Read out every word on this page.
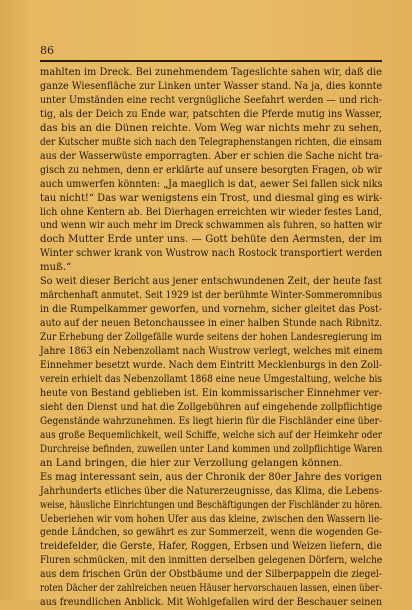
86

mahlten im Dreck. Bei zunehmendem Tageslichte sahen wir, daß die
ganze Wiesenfläche zur Linken unter Wasser stand. Na ja, dies konnte
unter Umständen eine recht vergnügliche Seefahrt werden — und rich-
tig, als der Deich zu Ende war, patschten die Pferde mutig ins Wasser,
das bis an die Dünen reichte. Vom Weg war nichts mehr zu sehen,
der Kutscher mußte sich nach den Telegraphenstangen richten, die einsam
aus der Wasserwüste emporragten. Aber er schien die Sache nicht tra-
gisch zu nehmen, denn er erklärte auf unsere besorgten Fragen, ob wir
auch umwerfen könnten: „Ja maeglich is dat, aewer Sei fallen sick niks
tau nicht!“ Das war wenigstens ein Trost, und diesmal ging es wirk-
lich ohne Kentern ab. Bei Dierhagen erreichten wir wieder festes Land,
und wenn wir auch mehr im Dreck schwammen als fuhren, so hatten wir
doch Mutter Erde unter uns. — Gott behüte den Aermsten, der im
Winter schwer krank von Wustrow nach Rostock transportiert werden
muß.“

So weit dieser Bericht aus jener entschwundenen Zeit, der heute fast
märchenhaft anmutet. Seit 1929 ist der berühmte Winter-Sommeromnibus
in die Rumpelkammer geworfen, und vornehm, sicher gleitet das Post-
auto auf der neuen Betonchaussee in einer halben Stunde nach Ribnitz.

Zur Erhebung der Zollgefälle wurde seitens der hohen Landesregierung im
Jahre 1863 ein Nebenzollamt nach Wustrow verlegt, welches mit einem
Einnehmer besetzt wurde. Nach dem Eintritt Mecklenburgs in den Zoll-
verein erhielt das Nebenzollamt 1868 eine neue Umgestaltung, welche bis
heute von Bestand geblieben ist. Ein kommissarischer Einnehmer ver-
sieht den Dienst und hat die Zollgebühren auf eingehende zollpflichtige
Gegenstände wahrzunehmen. Es liegt hierin für die Fischländer eine über-
aus große Bequemlichkeit, weil Schiffe, welche sich auf der Heimkehr oder
Durchreise befinden, zuweilen unter Land kommen und zollpflichtige Waren
an Land bringen, die hier zur Verzollung gelangen können.

Es mag interessant sein, aus der Chronik der 80er Jahre des vorigen
Jahrhunderts etliches über die Naturerzeugnisse, das Klima, die Lebens-
weise, häusliche Einrichtungen und Beschäftigungen der Fischländer zu hören.

Ueberiehen wir vom hohen Ufer aus das kleine, zwischen den Wassern lie-
gende Ländchen, so gewährt es zur Sommerzeit, wenn die wogenden Ge-
treidefelder, die Gerste, Hafer, Roggen, Erbsen und Weizen liefern, die
Fluren schmücken, mit den inmitten derselben gelegenen Dörfern, welche
aus dem frischen Grün der Obstbäume und der Silberpappeln die ziegel-
roten Dächer der zahlreichen neuen Häuser hervorschauen lassen, einen über-
aus freundlichen Anblick. Mit Wohlgefallen wird der Beschauer seinen
